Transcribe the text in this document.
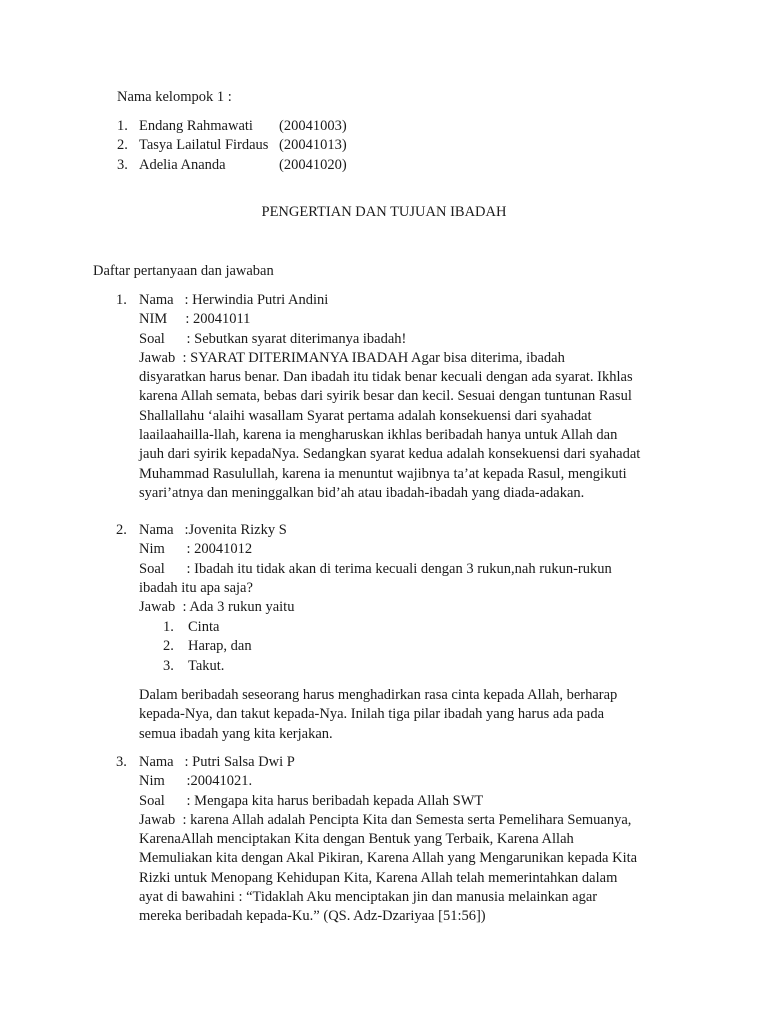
Nama kelompok 1 :
1. Endang Rahmawati (20041003)
2. Tasya Lailatul Firdaus (20041013)
3. Adelia Ananda	(20041020)
PENGERTIAN DAN TUJUAN IBADAH
Daftar pertanyaan dan jawaban
1. Nama   : Herwindia Putri Andini
NIM     : 20041011
Soal      : Sebutkan syarat diterimanya ibadah!
Jawab  : SYARAT DITERIMANYA IBADAH Agar bisa diterima, ibadah
disyaratkan harus benar. Dan ibadah itu tidak benar kecuali dengan ada syarat. Ikhlas
karena Allah semata, bebas dari syirik besar dan kecil. Sesuai dengan tuntunan Rasul
Shallallahu ‘alaihi wasallam Syarat pertama adalah konsekuensi dari syahadat
laailaahailla-llah, karena ia mengharuskan ikhlas beribadah hanya untuk Allah dan
jauh dari syirik kepadaNya. Sedangkan syarat kedua adalah konsekuensi dari syahadat
Muhammad Rasulullah, karena ia menuntut wajibnya ta’at kepada Rasul, mengikuti
syari’atnya dan meninggalkan bid’ah atau ibadah-ibadah yang diada-adakan.
2. Nama   :Jovenita Rizky S
Nim      : 20041012
Soal      : Ibadah itu tidak akan di terima kecuali dengan 3 rukun,nah rukun-rukun
ibadah itu apa saja?
Jawab  : Ada 3 rukun yaitu
1. Cinta
2. Harap, dan
3. Takut.
Dalam beribadah seseorang harus menghadirkan rasa cinta kepada Allah, berharap
kepada-Nya, dan takut kepada-Nya. Inilah tiga pilar ibadah yang harus ada pada
semua ibadah yang kita kerjakan.
3. Nama   : Putri Salsa Dwi P
Nim      :20041021.
Soal      : Mengapa kita harus beribadah kepada Allah SWT
Jawab  : karena Allah adalah Pencipta Kita dan Semesta serta Pemelihara Semuanya,
KarenaAllah menciptakan Kita dengan Bentuk yang Terbaik, Karena Allah
Memuliakan kita dengan Akal Pikiran, Karena Allah yang Mengarunikan kepada Kita
Rizki untuk Menopang Kehidupan Kita, Karena Allah telah memerintahkan dalam
ayat di bawahini : “Tidaklah Aku menciptakan jin dan manusia melainkan agar
mereka beribadah kepada-Ku.” (QS. Adz-Dzariyaa [51:56])
